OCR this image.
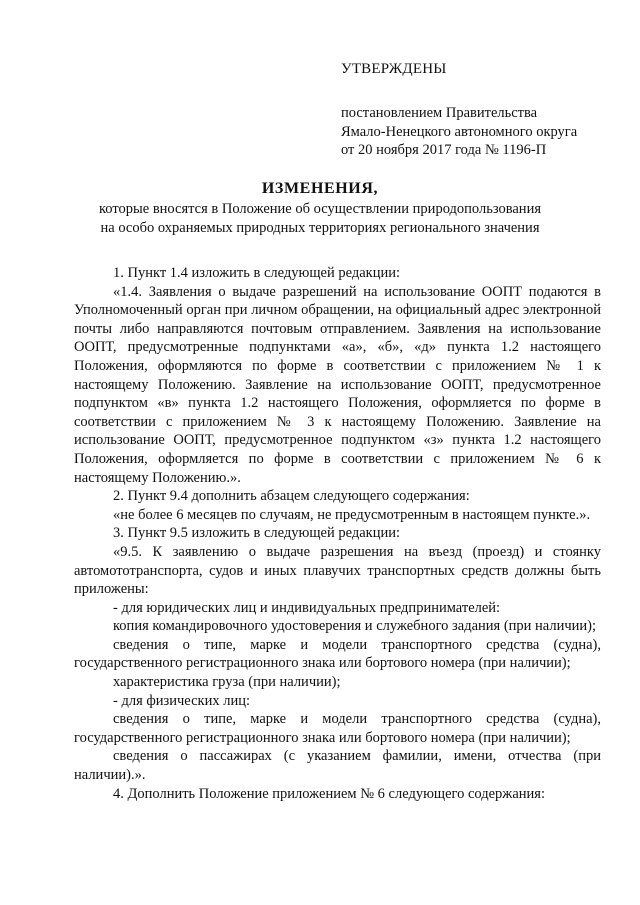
УТВЕРЖДЕНЫ
постановлением Правительства
Ямало-Ненецкого автономного округа
от 20 ноября 2017 года № 1196-П
ИЗМЕНЕНИЯ,
которые вносятся в Положение об осуществлении природопользования
на особо охраняемых природных территориях регионального значения

1. Пункт 1.4 изложить в следующей редакции:

«1.4. Заявления о выдаче разрешений на использование ООПТ подаются в Уполномоченный орган при личном обращении, на официальный адрес электронной почты либо направляются почтовым отправлением. Заявления на использование ООПТ, предусмотренные подпунктами «а», «б», «д» пункта 1.2 настоящего Положения, оформляются по форме в соответствии с приложением № 1 к настоящему Положению. Заявление на использование ООПТ, предусмотренное подпунктом «в» пункта 1.2 настоящего Положения, оформляется по форме в соответствии с приложением № 3 к настоящему Положению. Заявление на использование ООПТ, предусмотренное подпунктом «з» пункта 1.2 настоящего Положения, оформляется по форме в соответствии с приложением № 6 к настоящему Положению.».

2. Пункт 9.4 дополнить абзацем следующего содержания:

«не более 6 месяцев по случаям, не предусмотренным в настоящем пункте.».

3. Пункт 9.5 изложить в следующей редакции:

«9.5. К заявлению о выдаче разрешения на въезд (проезд) и стоянку автомототранспорта, судов и иных плавучих транспортных средств должны быть приложены:

- для юридических лиц и индивидуальных предпринимателей:

копия командировочного удостоверения и служебного задания (при наличии);

сведения о типе, марке и модели транспортного средства (судна), государственного регистрационного знака или бортового номера (при наличии);

характеристика груза (при наличии);

- для физических лиц:

сведения о типе, марке и модели транспортного средства (судна), государственного регистрационного знака или бортового номера (при наличии);

сведения о пассажирах (с указанием фамилии, имени, отчества (при наличии).».

4. Дополнить Положение приложением № 6 следующего содержания:
